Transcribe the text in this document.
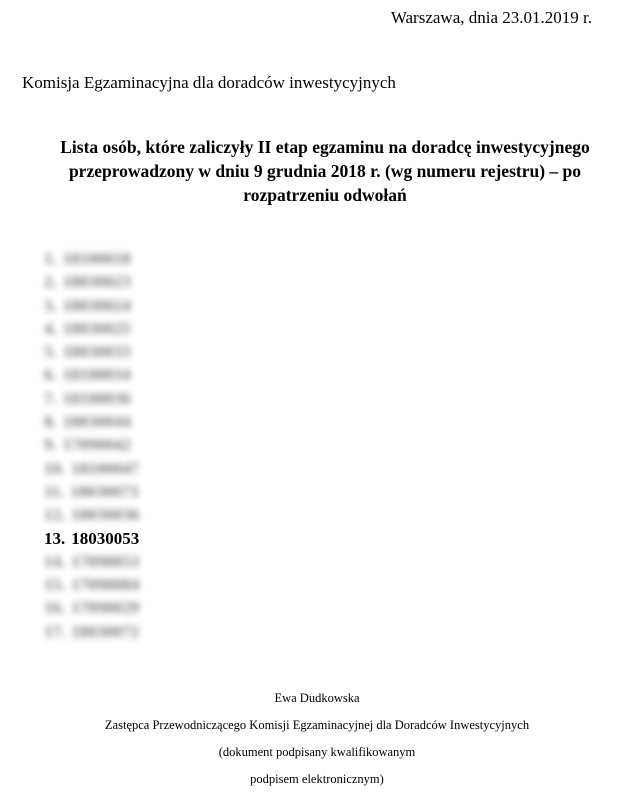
Warszawa, dnia 23.01.2019 r.
Komisja Egzaminacyjna dla doradców inwestycyjnych
Lista osób, które zaliczyły II etap egzaminu na doradcę inwestycyjnego
przeprowadzony w dniu 9 grudnia 2018 r. (wg numeru rejestru) – po
rozpatrzeniu odwołań
1. 18100018
2. 18030023
3. 18030024
4. 18030025
5. 18030033
6. 18100034
7. 18100036
8. 18030044
9. 17090042
10. 18100047
11. 18030073
12. 18030036
13. 18030053
14. 17090053
15. 17090084
16. 17090029
17. 18030072
Ewa Dudkowska
Zastępca Przewodniczącego Komisji Egzaminacyjnej dla Doradców Inwestycyjnych
(dokument podpisany kwalifikowanym
podpisem elektronicznym)
